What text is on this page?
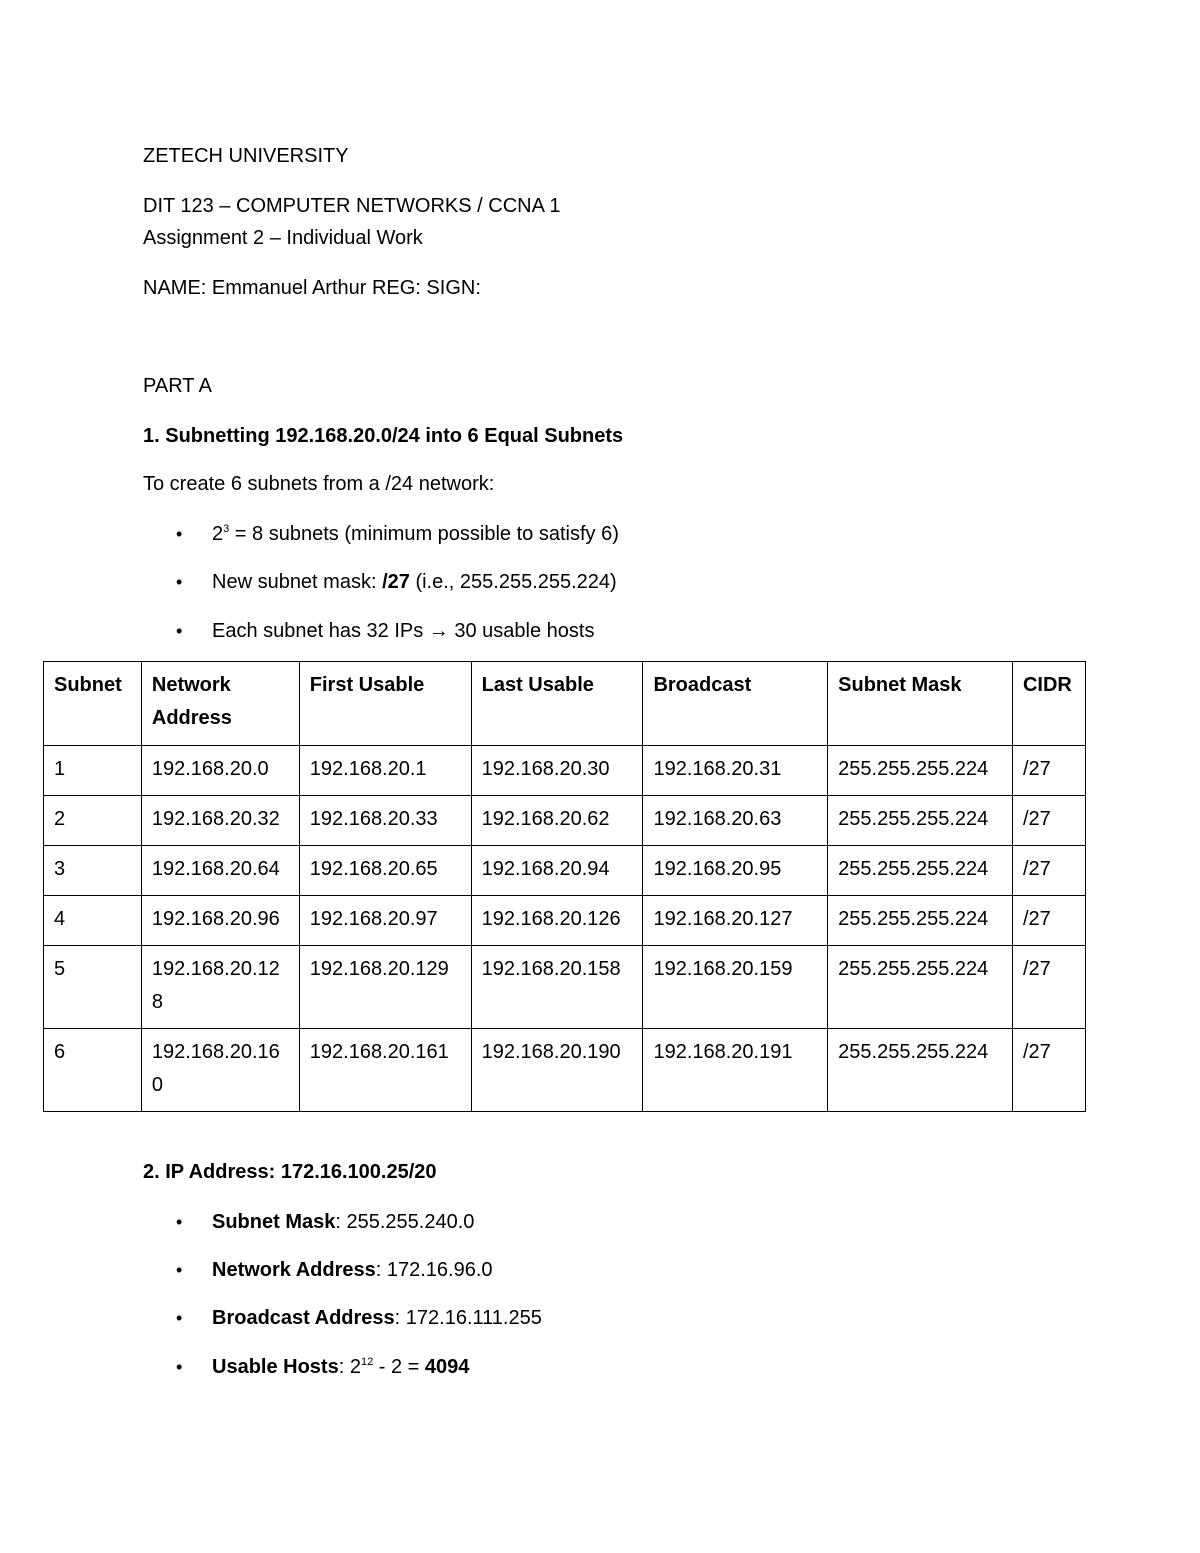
ZETECH UNIVERSITY
DIT 123 – COMPUTER NETWORKS / CCNA 1
Assignment 2 – Individual Work
NAME: Emmanuel Arthur REG: SIGN:
PART A
1. Subnetting 192.168.20.0/24 into 6 Equal Subnets
To create 6 subnets from a /24 network:
• $2^3 = 8$ subnets (minimum possible to satisfy 6)
• New subnet mask: /27 (i.e., 255.255.255.224)
• Each subnet has 32 IPs → 30 usable hosts
Subnet	Network Address	First Usable	Last Usable	Broadcast	Subnet Mask	CIDR
1	192.168.20.0	192.168.20.1	192.168.20.30	192.168.20.31	255.255.255.224	/27
2	192.168.20.32	192.168.20.33	192.168.20.62	192.168.20.63	255.255.255.224	/27
3	192.168.20.64	192.168.20.65	192.168.20.94	192.168.20.95	255.255.255.224	/27
4	192.168.20.96	192.168.20.97	192.168.20.126	192.168.20.127	255.255.255.224	/27
5	192.168.20.128	192.168.20.129	192.168.20.158	192.168.20.159	255.255.255.224	/27
6	192.168.20.160	192.168.20.161	192.168.20.190	192.168.20.191	255.255.255.224	/27
2. IP Address: 172.16.100.25/20
• Subnet Mask: 255.255.240.0
• Network Address: 172.16.96.0
• Broadcast Address: 172.16.111.255
• Usable Hosts: $2^{12} - 2 = 4094$
